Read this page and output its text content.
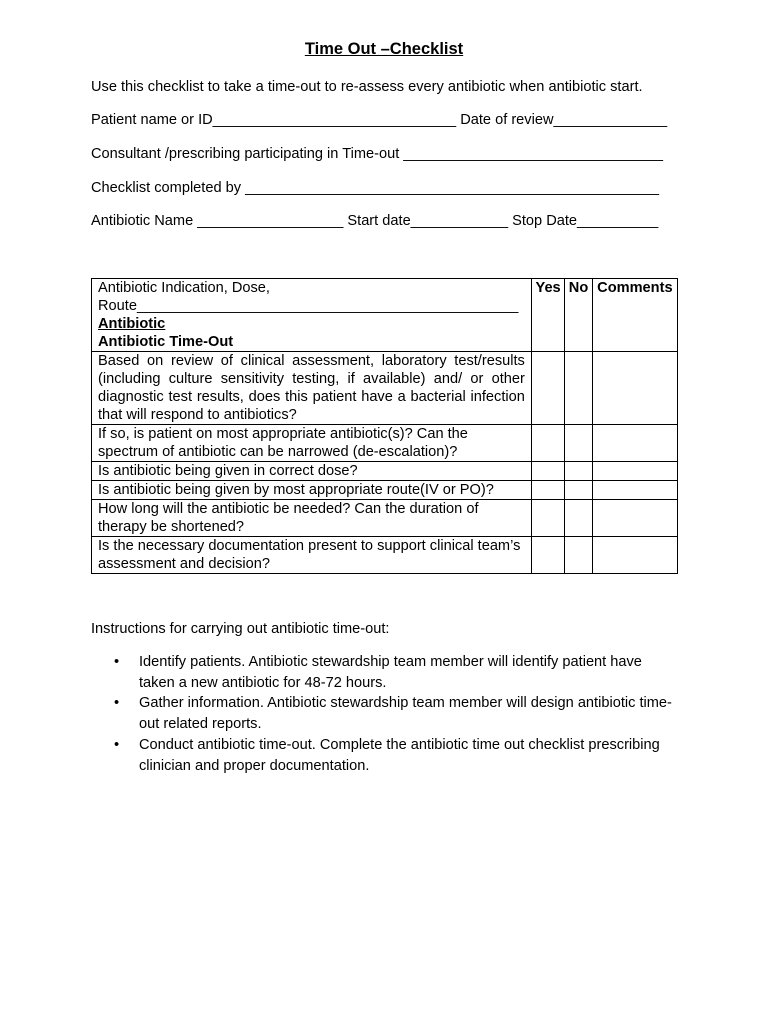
Time Out –Checklist
Use this checklist to take a time-out to re-assess every antibiotic when antibiotic start.
Patient name or ID______________________________ Date of review______________
Consultant /prescribing participating in Time-out ________________________________
Checklist completed by ___________________________________________________
Antibiotic Name __________________ Start date____________ Stop Date__________
Antibiotic Indication, Dose,
Route_______________________________________________
Antibiotic
Antibiotic Time-Out	Yes	No	Comments
Based on review of clinical assessment, laboratory test/results (including culture sensitivity testing, if available) and/ or other diagnostic test results, does this patient have a bacterial infection that will respond to antibiotics?			
If so, is patient on most appropriate antibiotic(s)? Can the spectrum of antibiotic can be narrowed (de-escalation)?			
Is antibiotic being given in correct dose?			
Is antibiotic being given by most appropriate route(IV or PO)?			
How long will the antibiotic be needed? Can the duration of therapy be shortened?			
Is the necessary documentation present to support clinical team’s assessment and decision?			
Instructions for carrying out antibiotic time-out:
• Identify patients. Antibiotic stewardship team member will identify patient have taken a new antibiotic for 48-72 hours.
• Gather information. Antibiotic stewardship team member will design antibiotic time-out related reports.
• Conduct antibiotic time-out. Complete the antibiotic time out checklist prescribing clinician and proper documentation.
